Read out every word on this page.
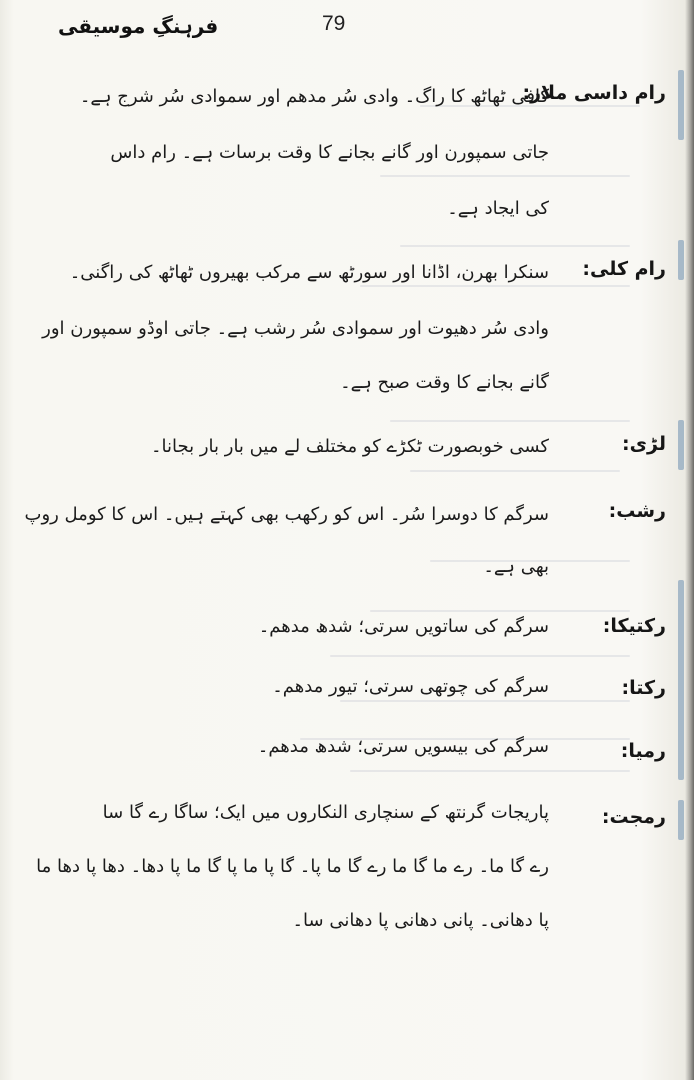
فرہنگِ موسیقی	79
رام داسی ملار:
کافی ٹھاٹھ کا راگ۔ وادی سُر مدھم اور سموادی سُر شرج ہے۔
جاتی سمپورن اور گانے بجانے کا وقت برسات ہے۔ رام داس
کی ایجاد ہے۔
رام کلی:
سنکرا بھرن، اڈانا اور سورٹھ سے مرکب بھیروں ٹھاٹھ کی راگنی۔
وادی سُر دھیوت اور سموادی سُر رشب ہے۔ جاتی اوڈو سمپورن اور
گانے بجانے کا وقت صبح ہے۔
لڑی:
کسی خوبصورت ٹکڑے کو مختلف لے میں بار بار بجانا۔
رشب:
سرگم کا دوسرا سُر۔ اس کو رکھب بھی کہتے ہیں۔ اس کا کومل روپ
بھی ہے۔
رکتیکا:
سرگم کی ساتویں سرتی؛ شدھ مدھم۔
رکتا:
سرگم کی چوتھی سرتی؛ تیور مدھم۔
رمیا:
سرگم کی بیسویں سرتی؛ شدھ مدھم۔
رمجت:
پاریجات گرنتھ کے سنچاری النکاروں میں ایک؛ ساگا رے گا سا
رے گا ما۔ رے ما گا ما رے گا ما پا۔ گا پا ما پا گا ما پا دھا۔ دھا پا دھا ما
پا دھانی۔ پانی دھانی پا دھانی سا۔
